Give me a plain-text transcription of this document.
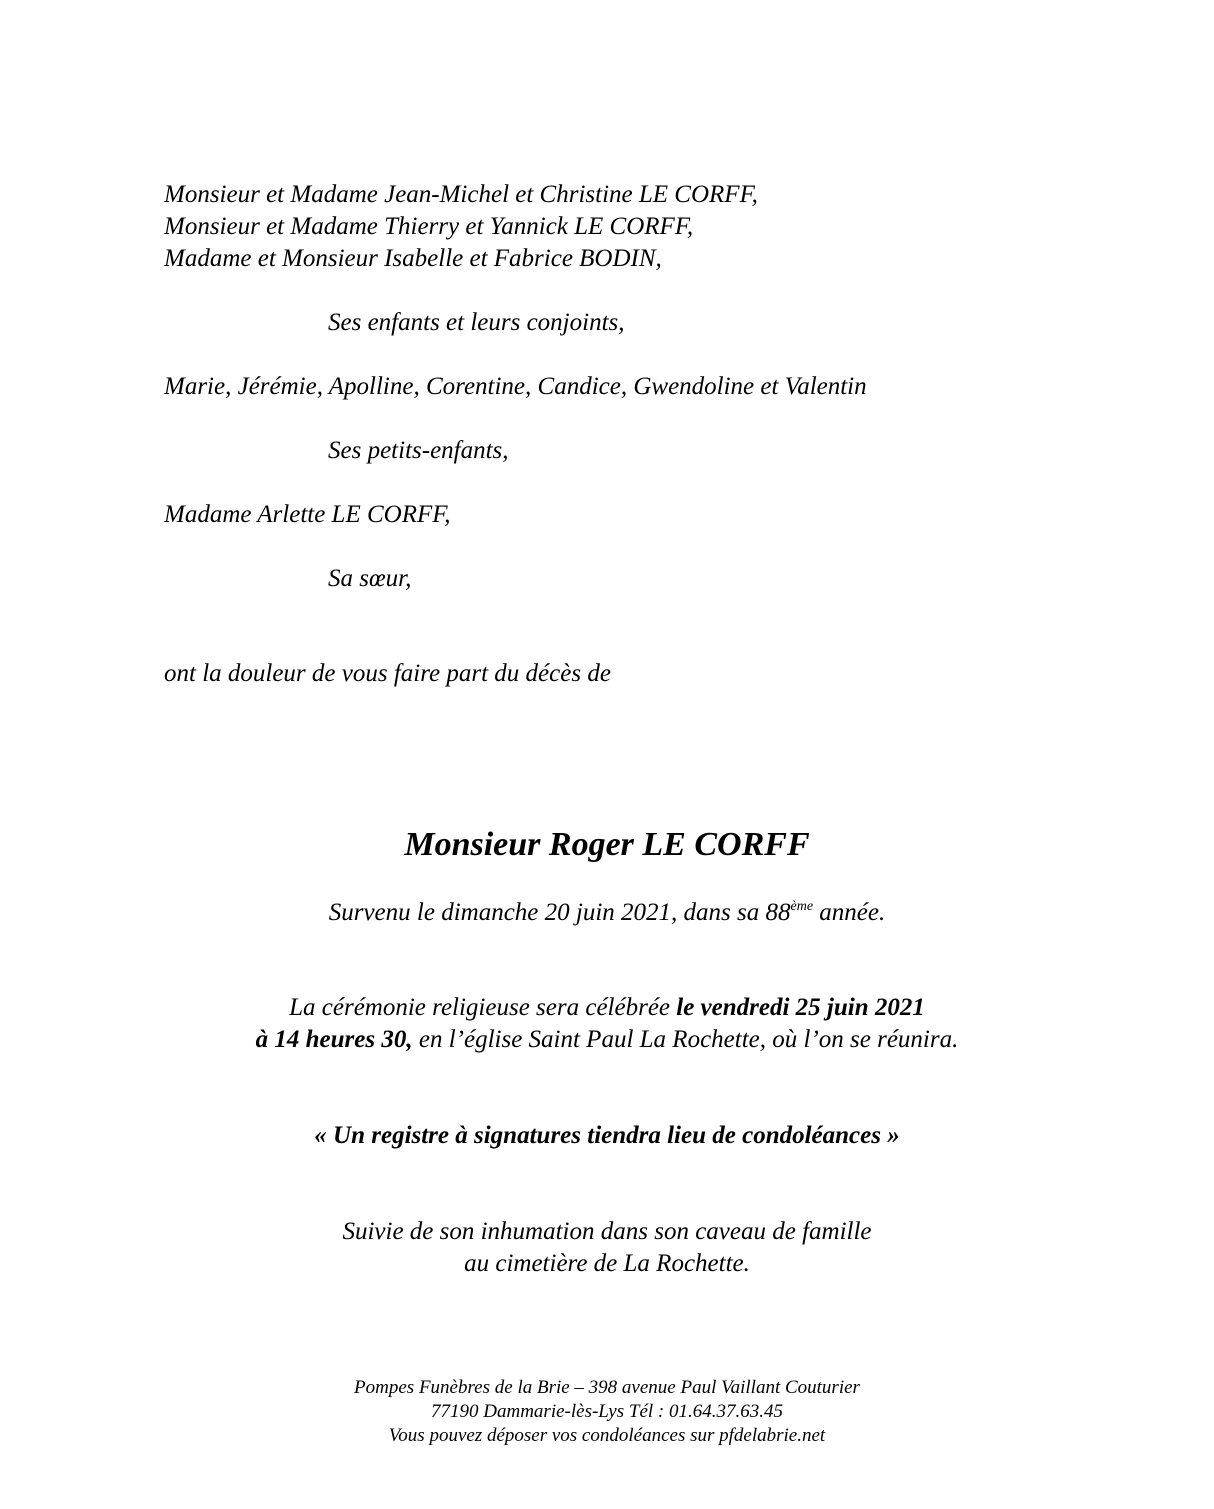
Monsieur et Madame Jean-Michel et Christine LE CORFF,
Monsieur et Madame Thierry et Yannick LE CORFF,
Madame et Monsieur Isabelle et Fabrice BODIN,
Ses enfants et leurs conjoints,
Marie, Jérémie, Apolline, Corentine, Candice, Gwendoline et Valentin
Ses petits-enfants,
Madame Arlette LE CORFF,
Sa sœur,
ont la douleur de vous faire part du décès de
Monsieur Roger LE CORFF
Survenu le dimanche 20 juin 2021, dans sa 88ème année.
La cérémonie religieuse sera célébrée le vendredi 25 juin 2021
à 14 heures 30, en l’église Saint Paul La Rochette, où l’on se réunira.
« Un registre à signatures tiendra lieu de condoléances »
Suivie de son inhumation dans son caveau de famille
au cimetière de La Rochette.
Pompes Funèbres de la Brie – 398 avenue Paul Vaillant Couturier
77190 Dammarie-lès-Lys Tél : 01.64.37.63.45
Vous pouvez déposer vos condoléances sur pfdelabrie.net
